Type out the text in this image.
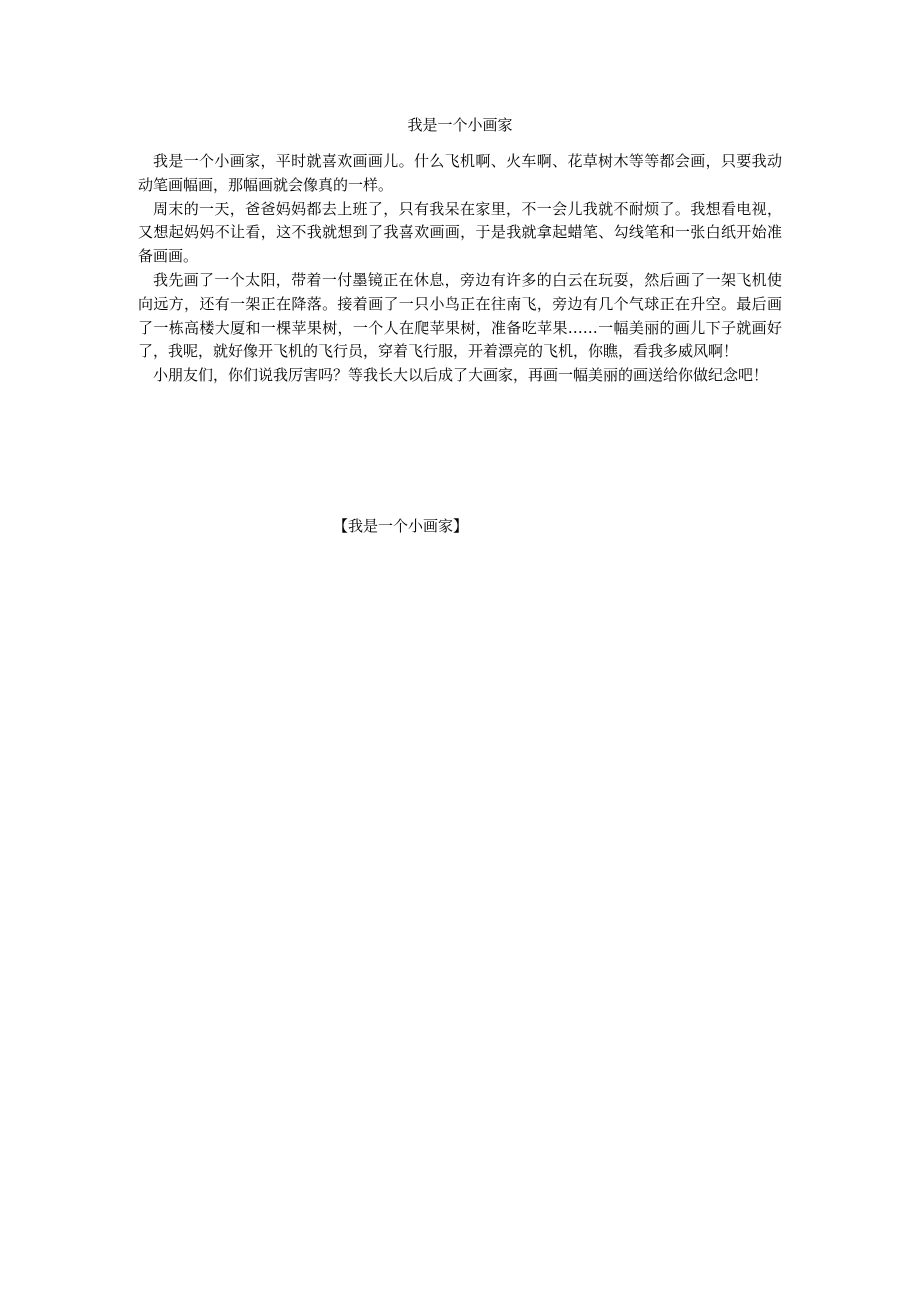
我是一个小画家

我是一个小画家，平时就喜欢画画儿。什么飞机啊、火车啊、花草树木等等都会画，只要我动动笔画幅画，那幅画就会像真的一样。

周末的一天，爸爸妈妈都去上班了，只有我呆在家里，不一会儿我就不耐烦了。我想看电视，又想起妈妈不让看，这不我就想到了我喜欢画画，于是我就拿起蜡笔、勾线笔和一张白纸开始准备画画。

我先画了一个太阳，带着一付墨镜正在休息，旁边有许多的白云在玩耍，然后画了一架飞机使向远方，还有一架正在降落。接着画了一只小鸟正在往南飞，旁边有几个气球正在升空。最后画了一栋高楼大厦和一棵苹果树，一个人在爬苹果树，准备吃苹果……一幅美丽的画儿下子就画好了，我呢，就好像开飞机的飞行员，穿着飞行服，开着漂亮的飞机，你瞧，看我多威风啊！

小朋友们，你们说我厉害吗？等我长大以后成了大画家，再画一幅美丽的画送给你做纪念吧！

【我是一个小画家】
